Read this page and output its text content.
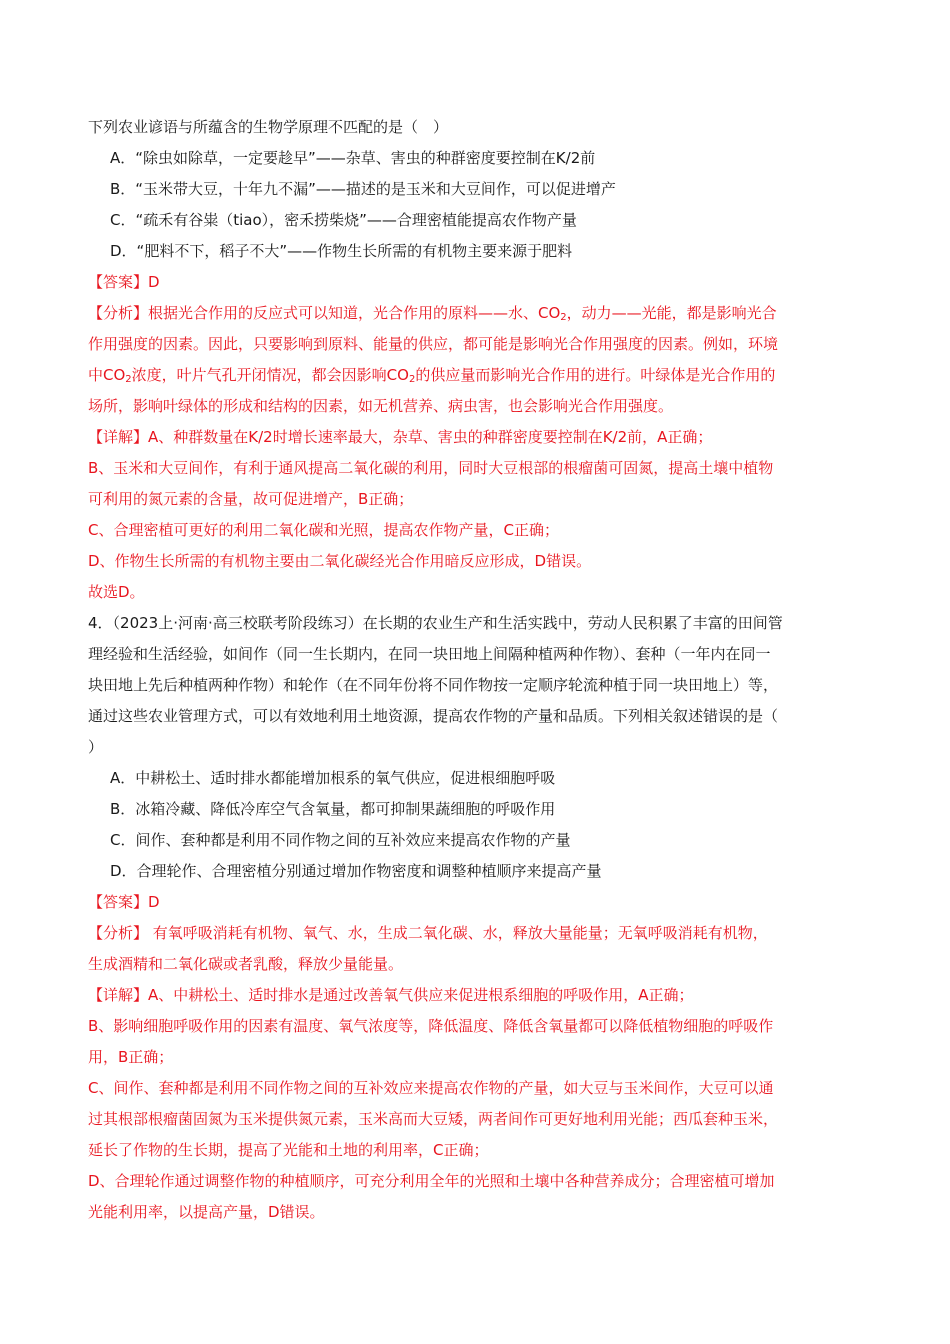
下列农业谚语与所蕴含的生物学原理不匹配的是（　）

A．“除虫如除草，一定要趁早”——杂草、害虫的种群密度要控制在K/2前

B．“玉米带大豆，十年九不漏”——描述的是玉米和大豆间作，可以促进增产

C．“疏禾有谷粜（tiao），密禾捞柴烧”——合理密植能提高农作物产量

D．“肥料不下，稻子不大”——作物生长所需的有机物主要来源于肥料

【答案】D

【分析】根据光合作用的反应式可以知道，光合作用的原料——水、$CO_2$，动力——光能，都是影响光合

作用强度的因素。因此，只要影响到原料、能量的供应，都可能是影响光合作用强度的因素。例如，环境

中$CO_2$浓度，叶片气孔开闭情况，都会因影响$CO_2$的供应量而影响光合作用的进行。叶绿体是光合作用的

场所，影响叶绿体的形成和结构的因素，如无机营养、病虫害，也会影响光合作用强度。

【详解】A、种群数量在K/2时增长速率最大，杂草、害虫的种群密度要控制在K/2前，A正确；

B、玉米和大豆间作，有利于通风提高二氧化碳的利用，同时大豆根部的根瘤菌可固氮，提高土壤中植物

可利用的氮元素的含量，故可促进增产，B正确；

C、合理密植可更好的利用二氧化碳和光照，提高农作物产量，C正确；

D、作物生长所需的有机物主要由二氧化碳经光合作用暗反应形成，D错误。

故选D。

4．（2023上·河南·高三校联考阶段练习）在长期的农业生产和生活实践中，劳动人民积累了丰富的田间管

理经验和生活经验，如间作（同一生长期内，在同一块田地上间隔种植两种作物）、套种（一年内在同一

块田地上先后种植两种作物）和轮作（在不同年份将不同作物按一定顺序轮流种植于同一块田地上）等，

通过这些农业管理方式，可以有效地利用土地资源，提高农作物的产量和品质。下列相关叙述错误的是（

）

A．中耕松土、适时排水都能增加根系的氧气供应，促进根细胞呼吸

B．冰箱冷藏、降低冷库空气含氧量，都可抑制果蔬细胞的呼吸作用

C．间作、套种都是利用不同作物之间的互补效应来提高农作物的产量

D．合理轮作、合理密植分别通过增加作物密度和调整种植顺序来提高产量

【答案】D

【分析】 有氧呼吸消耗有机物、氧气、水，生成二氧化碳、水，释放大量能量；无氧呼吸消耗有机物，

生成酒精和二氧化碳或者乳酸，释放少量能量。

【详解】A、中耕松土、适时排水是通过改善氧气供应来促进根系细胞的呼吸作用，A正确；

B、影响细胞呼吸作用的因素有温度、氧气浓度等，降低温度、降低含氧量都可以降低植物细胞的呼吸作

用，B正确；

C、间作、套种都是利用不同作物之间的互补效应来提高农作物的产量，如大豆与玉米间作，大豆可以通

过其根部根瘤菌固氮为玉米提供氮元素，玉米高而大豆矮，两者间作可更好地利用光能；西瓜套种玉米，

延长了作物的生长期，提高了光能和土地的利用率，C正确；

D、合理轮作通过调整作物的种植顺序，可充分利用全年的光照和土壤中各种营养成分；合理密植可增加

光能利用率，以提高产量，D错误。
